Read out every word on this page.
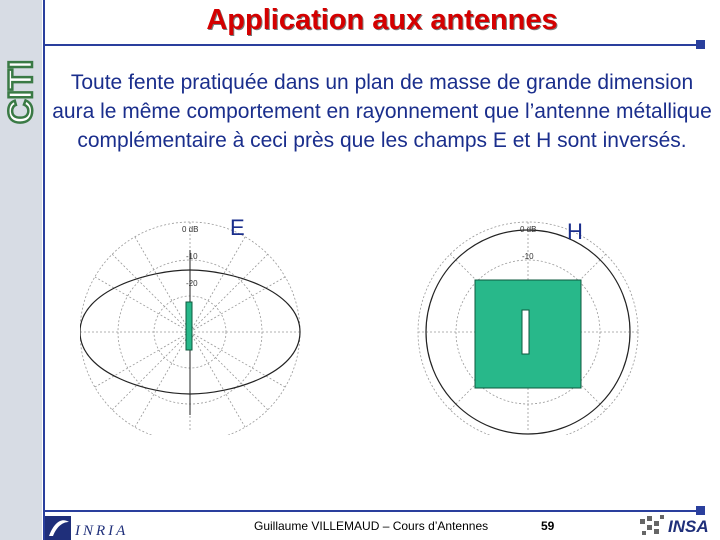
CITI
Application aux antennes
Toute fente pratiquée dans un plan de masse de grande dimension aura le même comportement en rayonnement que l’antenne métallique complémentaire à ceci près que les champs E et H sont inversés.
0 dB
-10
-20
0 dB
-10
E	H
INRIA	Guillaume VILLEMAUD – Cours d’Antennes	59	INSA
